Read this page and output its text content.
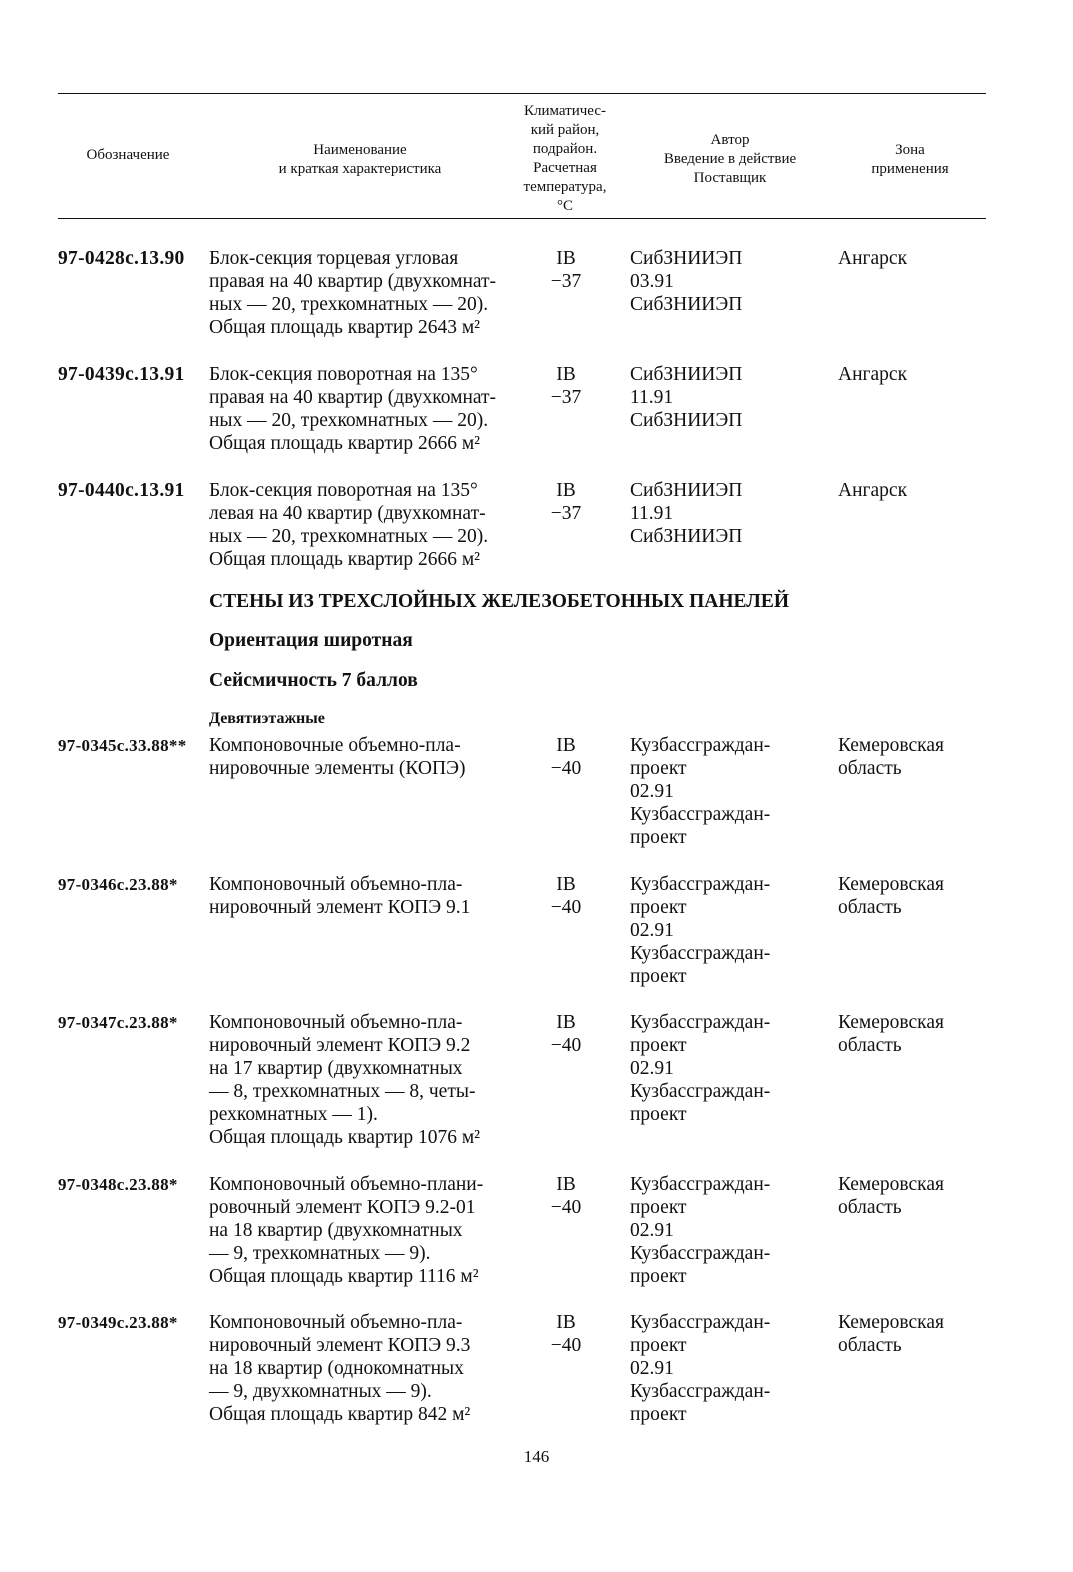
Обозначение	Наименование
и краткая характеристика
Климатичес-
кий район,
подрайон.
Расчетная
температура,
°С
Автор
Введение в действие
Поставщик
Зона
применения
97-0428с.13.90 Блок-секция торцевая угловая
правая на 40 квартир (двухкомнат-
ных — 20, трехкомнатных — 20).
Общая площадь квартир 2643 м²
IB
−37
СибЗНИИЭП
03.91
СибЗНИИЭП
Ангарск
97-0439с.13.91 Блок-секция поворотная на 135°
правая на 40 квартир (двухкомнат-
ных — 20, трехкомнатных — 20).
Общая площадь квартир 2666 м²
IB
−37
СибЗНИИЭП
11.91
СибЗНИИЭП
Ангарск
97-0440с.13.91 Блок-секция поворотная на 135°
левая на 40 квартир (двухкомнат-
ных — 20, трехкомнатных — 20).
Общая площадь квартир 2666 м²
IB
−37
СибЗНИИЭП
11.91
СибЗНИИЭП
Ангарск
СТЕНЫ ИЗ ТРЕХСЛОЙНЫХ ЖЕЛЕЗОБЕТОННЫХ ПАНЕЛЕЙ
Ориентация широтная
Сейсмичность 7 баллов
Девятиэтажные
97-0345с.33.88** Компоновочные объемно-пла-
нировочные элементы (КОПЭ)
IB
−40
Кузбассграждан-
проект
02.91
Кузбассграждан-
проект
Кемеровская
область
97-0346с.23.88* Компоновочный объемно-пла-
нировочный элемент КОПЭ 9.1
IB
−40
Кузбассграждан-
проект
02.91
Кузбассграждан-
проект
Кемеровская
область
97-0347с.23.88* Компоновочный объемно-пла-
нировочный элемент КОПЭ 9.2
на 17 квартир (двухкомнатных
— 8, трехкомнатных — 8, четы-
рехкомнатных — 1).
Общая площадь квартир 1076 м²
IB
−40
Кузбассграждан-
проект
02.91
Кузбассграждан-
проект
Кемеровская
область
97-0348с.23.88* Компоновочный объемно-плани-
ровочный элемент КОПЭ 9.2-01
на 18 квартир (двухкомнатных
— 9, трехкомнатных — 9).
Общая площадь квартир 1116 м²
IB
−40
Кузбассграждан-
проект
02.91
Кузбассграждан-
проект
Кемеровская
область
97-0349с.23.88* Компоновочный объемно-пла-
нировочный элемент КОПЭ 9.3
на 18 квартир (однокомнатных
— 9, двухкомнатных — 9).
Общая площадь квартир 842 м²
IB
−40
Кузбассграждан-
проект
02.91
Кузбассграждан-
проект
Кемеровская
область
146
